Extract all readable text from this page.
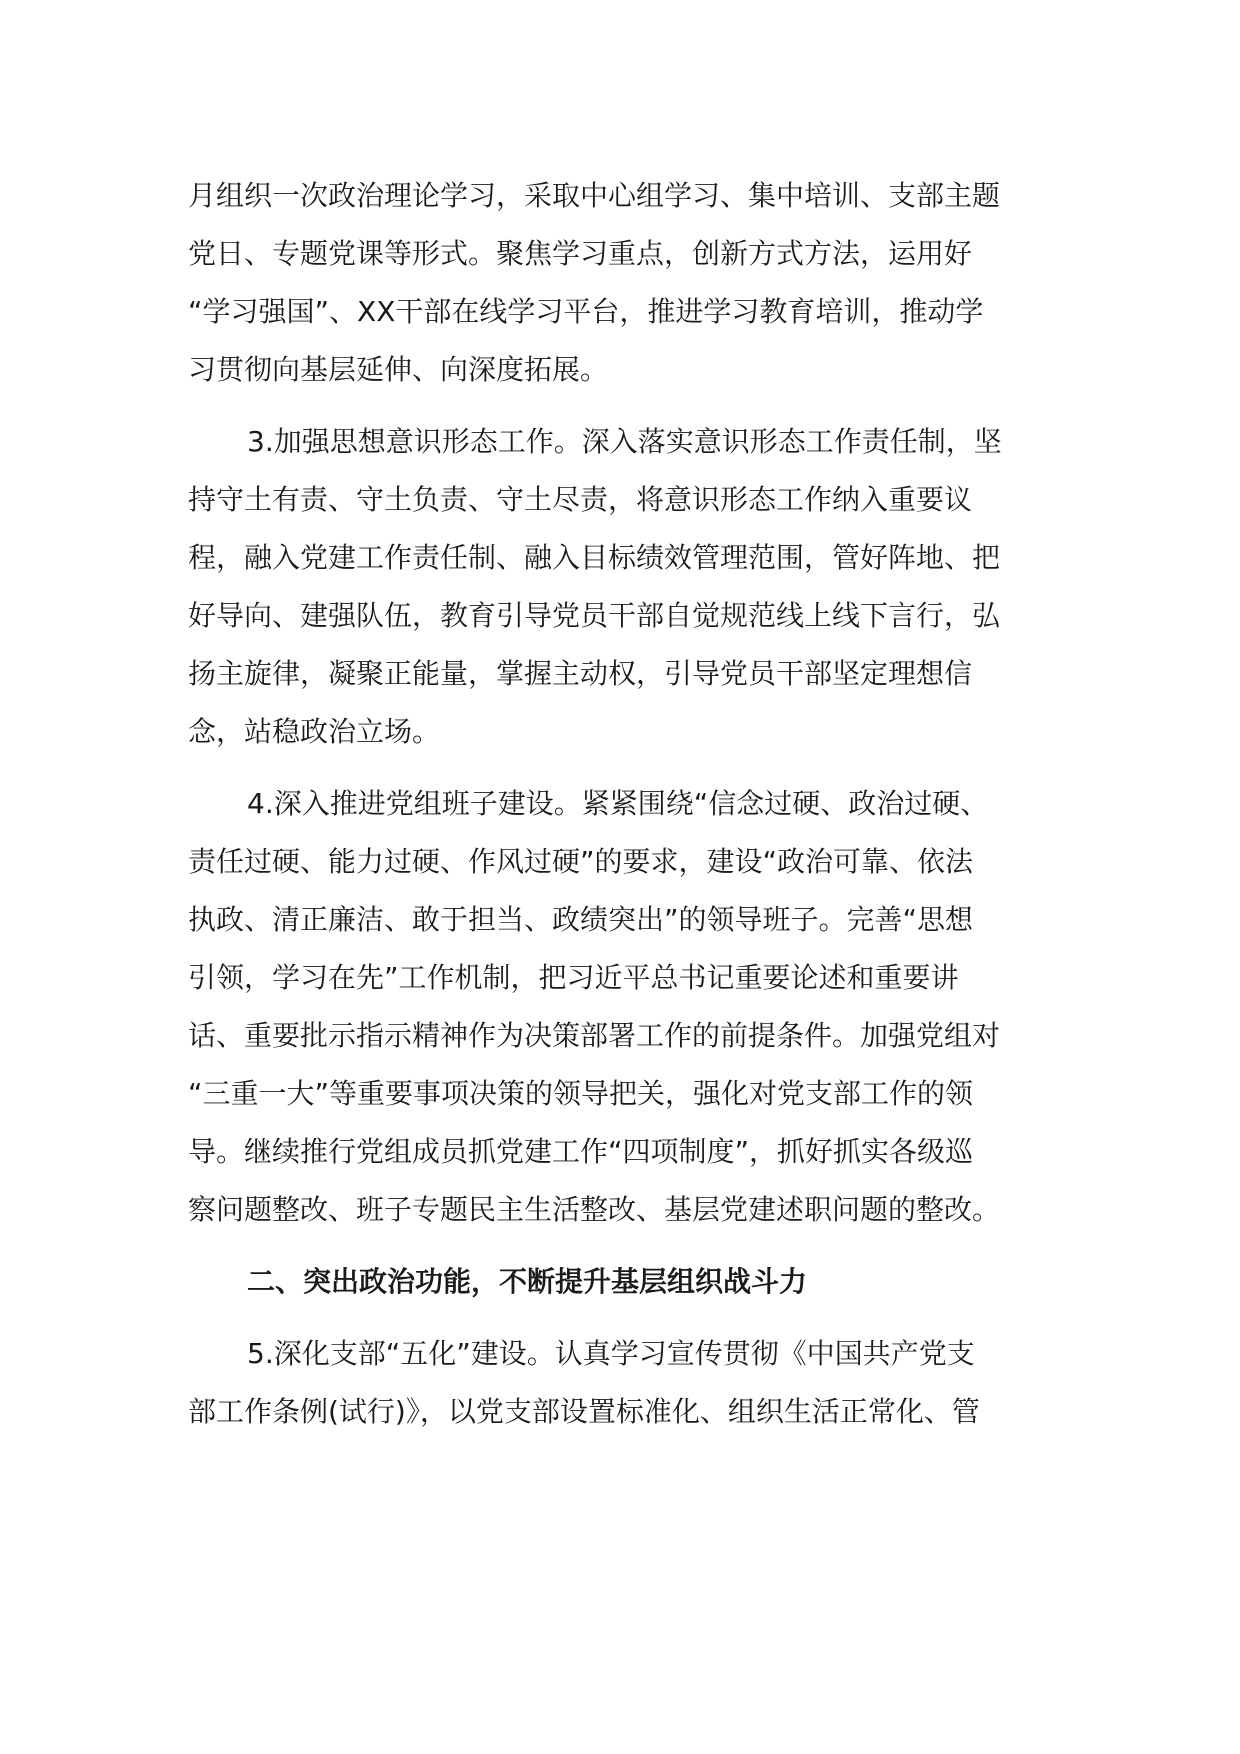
月组织一次政治理论学习，采取中心组学习、集中培训、支部主题
党日、专题党课等形式。聚焦学习重点，创新方式方法，运用好
“学习强国”、XX干部在线学习平台，推进学习教育培训，推动学
习贯彻向基层延伸、向深度拓展。
3.加强思想意识形态工作。深入落实意识形态工作责任制，坚
持守土有责、守土负责、守土尽责，将意识形态工作纳入重要议
程，融入党建工作责任制、融入目标绩效管理范围，管好阵地、把
好导向、建强队伍，教育引导党员干部自觉规范线上线下言行，弘
扬主旋律，凝聚正能量，掌握主动权，引导党员干部坚定理想信
念，站稳政治立场。
4.深入推进党组班子建设。紧紧围绕“信念过硬、政治过硬、
责任过硬、能力过硬、作风过硬”的要求，建设“政治可靠、依法
执政、清正廉洁、敢于担当、政绩突出”的领导班子。完善“思想
引领，学习在先”工作机制，把习近平总书记重要论述和重要讲
话、重要批示指示精神作为决策部署工作的前提条件。加强党组对
“三重一大”等重要事项决策的领导把关，强化对党支部工作的领
导。继续推行党组成员抓党建工作“四项制度”，抓好抓实各级巡
察问题整改、班子专题民主生活整改、基层党建述职问题的整改。
二、突出政治功能，不断提升基层组织战斗力
5.深化支部“五化”建设。认真学习宣传贯彻《中国共产党支
部工作条例(试行)》，以党支部设置标准化、组织生活正常化、管
